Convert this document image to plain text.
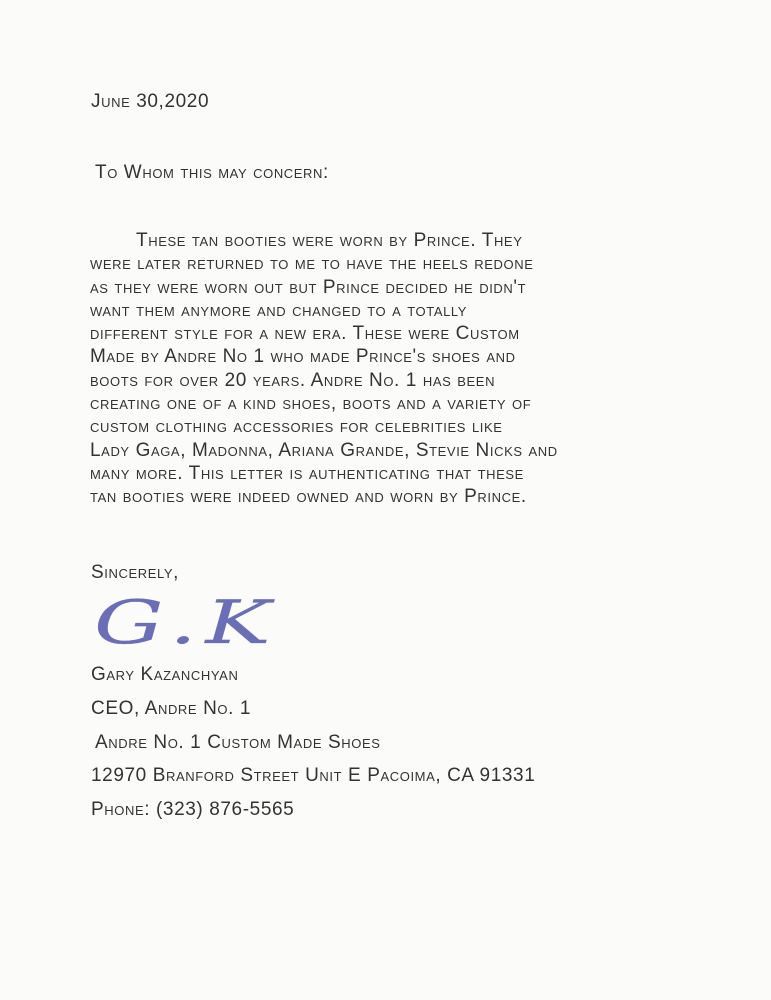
June 30,2020
To Whom this may concern:

These tan booties were worn by Prince. They

were later returned to me to have the heels redone

as they were worn out but Prince decided he didn't

want them anymore and changed to a totally

different style for a new era. These were Custom

Made by Andre No 1 who made Prince's shoes and

boots for over 20 years. Andre No. 1 has been

creating one of a kind shoes, boots and a variety of

custom clothing accessories for celebrities like

Lady Gaga, Madonna, Ariana Grande, Stevie Nicks and

many more. This letter is authenticating that these

tan booties were indeed owned and worn by Prince.

Sincerely,
G.K
Gary Kazanchyan
CEO, Andre No. 1
Andre No. 1 Custom Made Shoes
12970 Branford Street Unit E Pacoima, CA 91331
Phone: (323) 876-5565
